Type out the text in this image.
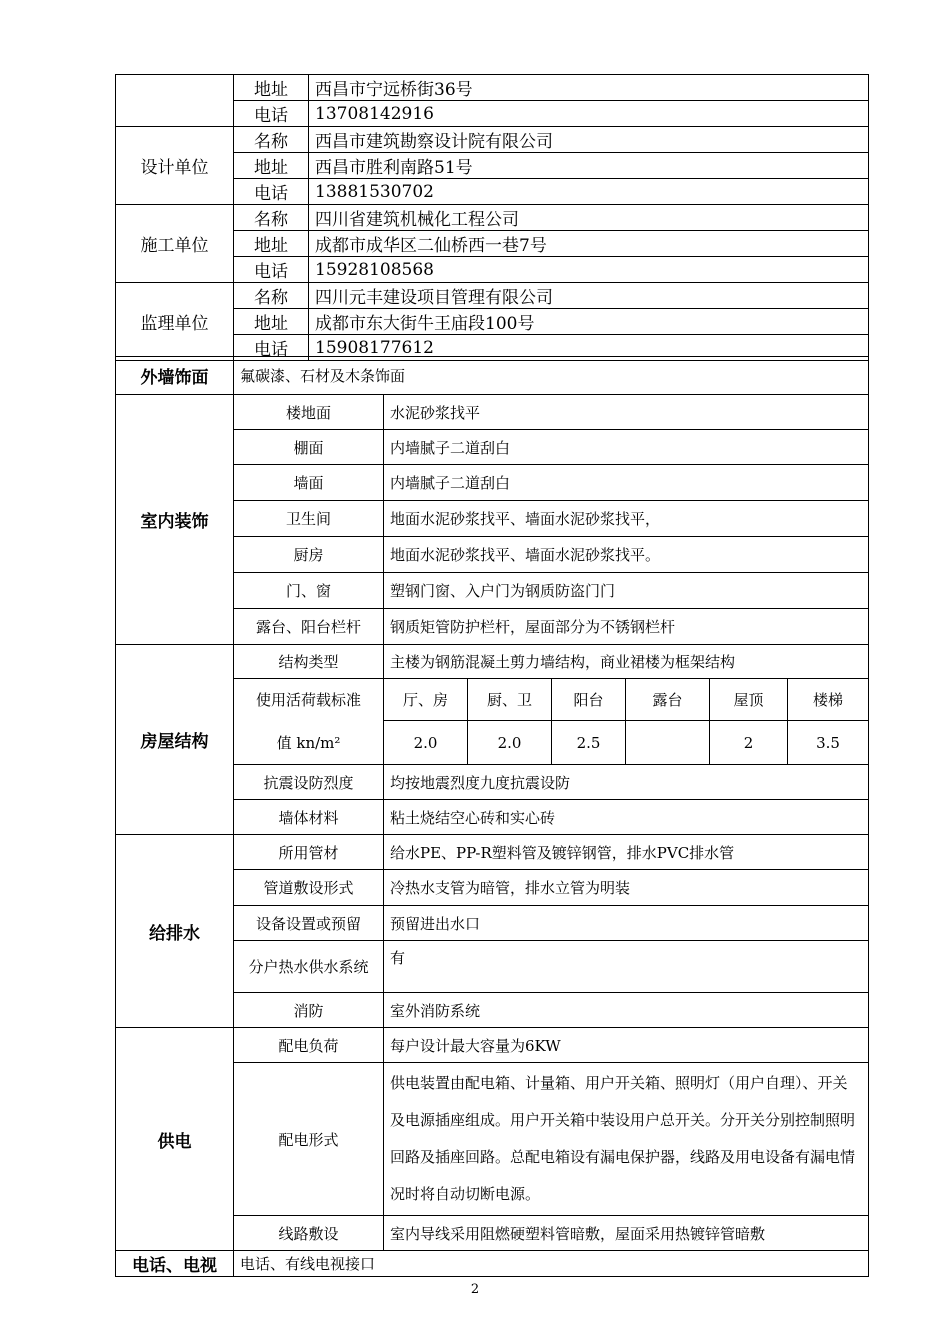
	地址	西昌市宁远桥街36号
	电话	13708142916
设计单位	名称	西昌市建筑勘察设计院有限公司
	地址	西昌市胜利南路51号
	电话	13881530702
施工单位	名称	四川省建筑机械化工程公司
	地址	成都市成华区二仙桥西一巷7号
	电话	15928108568
监理单位	名称	四川元丰建设项目管理有限公司
	地址	成都市东大街牛王庙段100号
	电话	15908177612
外墙饰面	氟碳漆、石材及木条饰面						
室内装饰	楼地面	水泥砂浆找平					
	棚面	内墙腻子二道刮白					
	墙面	内墙腻子二道刮白					
	卫生间	地面水泥砂浆找平、墙面水泥砂浆找平，					
	厨房	地面水泥砂浆找平、墙面水泥砂浆找平。					
	门、窗	塑钢门窗、入户门为钢质防盗门门					
	露台、阳台栏杆	钢质矩管防护栏杆，屋面部分为不锈钢栏杆					
房屋结构	结构类型	主楼为钢筋混凝土剪力墙结构，商业裙楼为框架结构					
	使用活荷载标准	厅、房	厨、卫	阳台	露台	屋顶	楼梯
	值 kn/m²	2.0	2.0	2.5		2	3.5
	抗震设防烈度	均按地震烈度九度抗震设防					
	墙体材料	粘土烧结空心砖和实心砖					
给排水	所用管材	给水PE、PP-R塑料管及镀锌钢管，排水PVC排水管					
	管道敷设形式	冷热水支管为暗管，排水立管为明装					
	设备设置或预留	预留进出水口					
	分户热水供水系统	有					
	消防	室外消防系统					
供电	配电负荷	每户设计最大容量为6KW					
	配电形式	供电装置由配电箱、计量箱、用户开关箱、照明灯（用户自理）、开关及电源插座组成。用户开关箱中装设用户总开关。分开关分别控制照明回路及插座回路。总配电箱设有漏电保护器，线路及用电设备有漏电情况时将自动切断电源。					
	线路敷设	室内导线采用阻燃硬塑料管暗敷，屋面采用热镀锌管暗敷					
电话、电视	电话、有线电视接口						
2
